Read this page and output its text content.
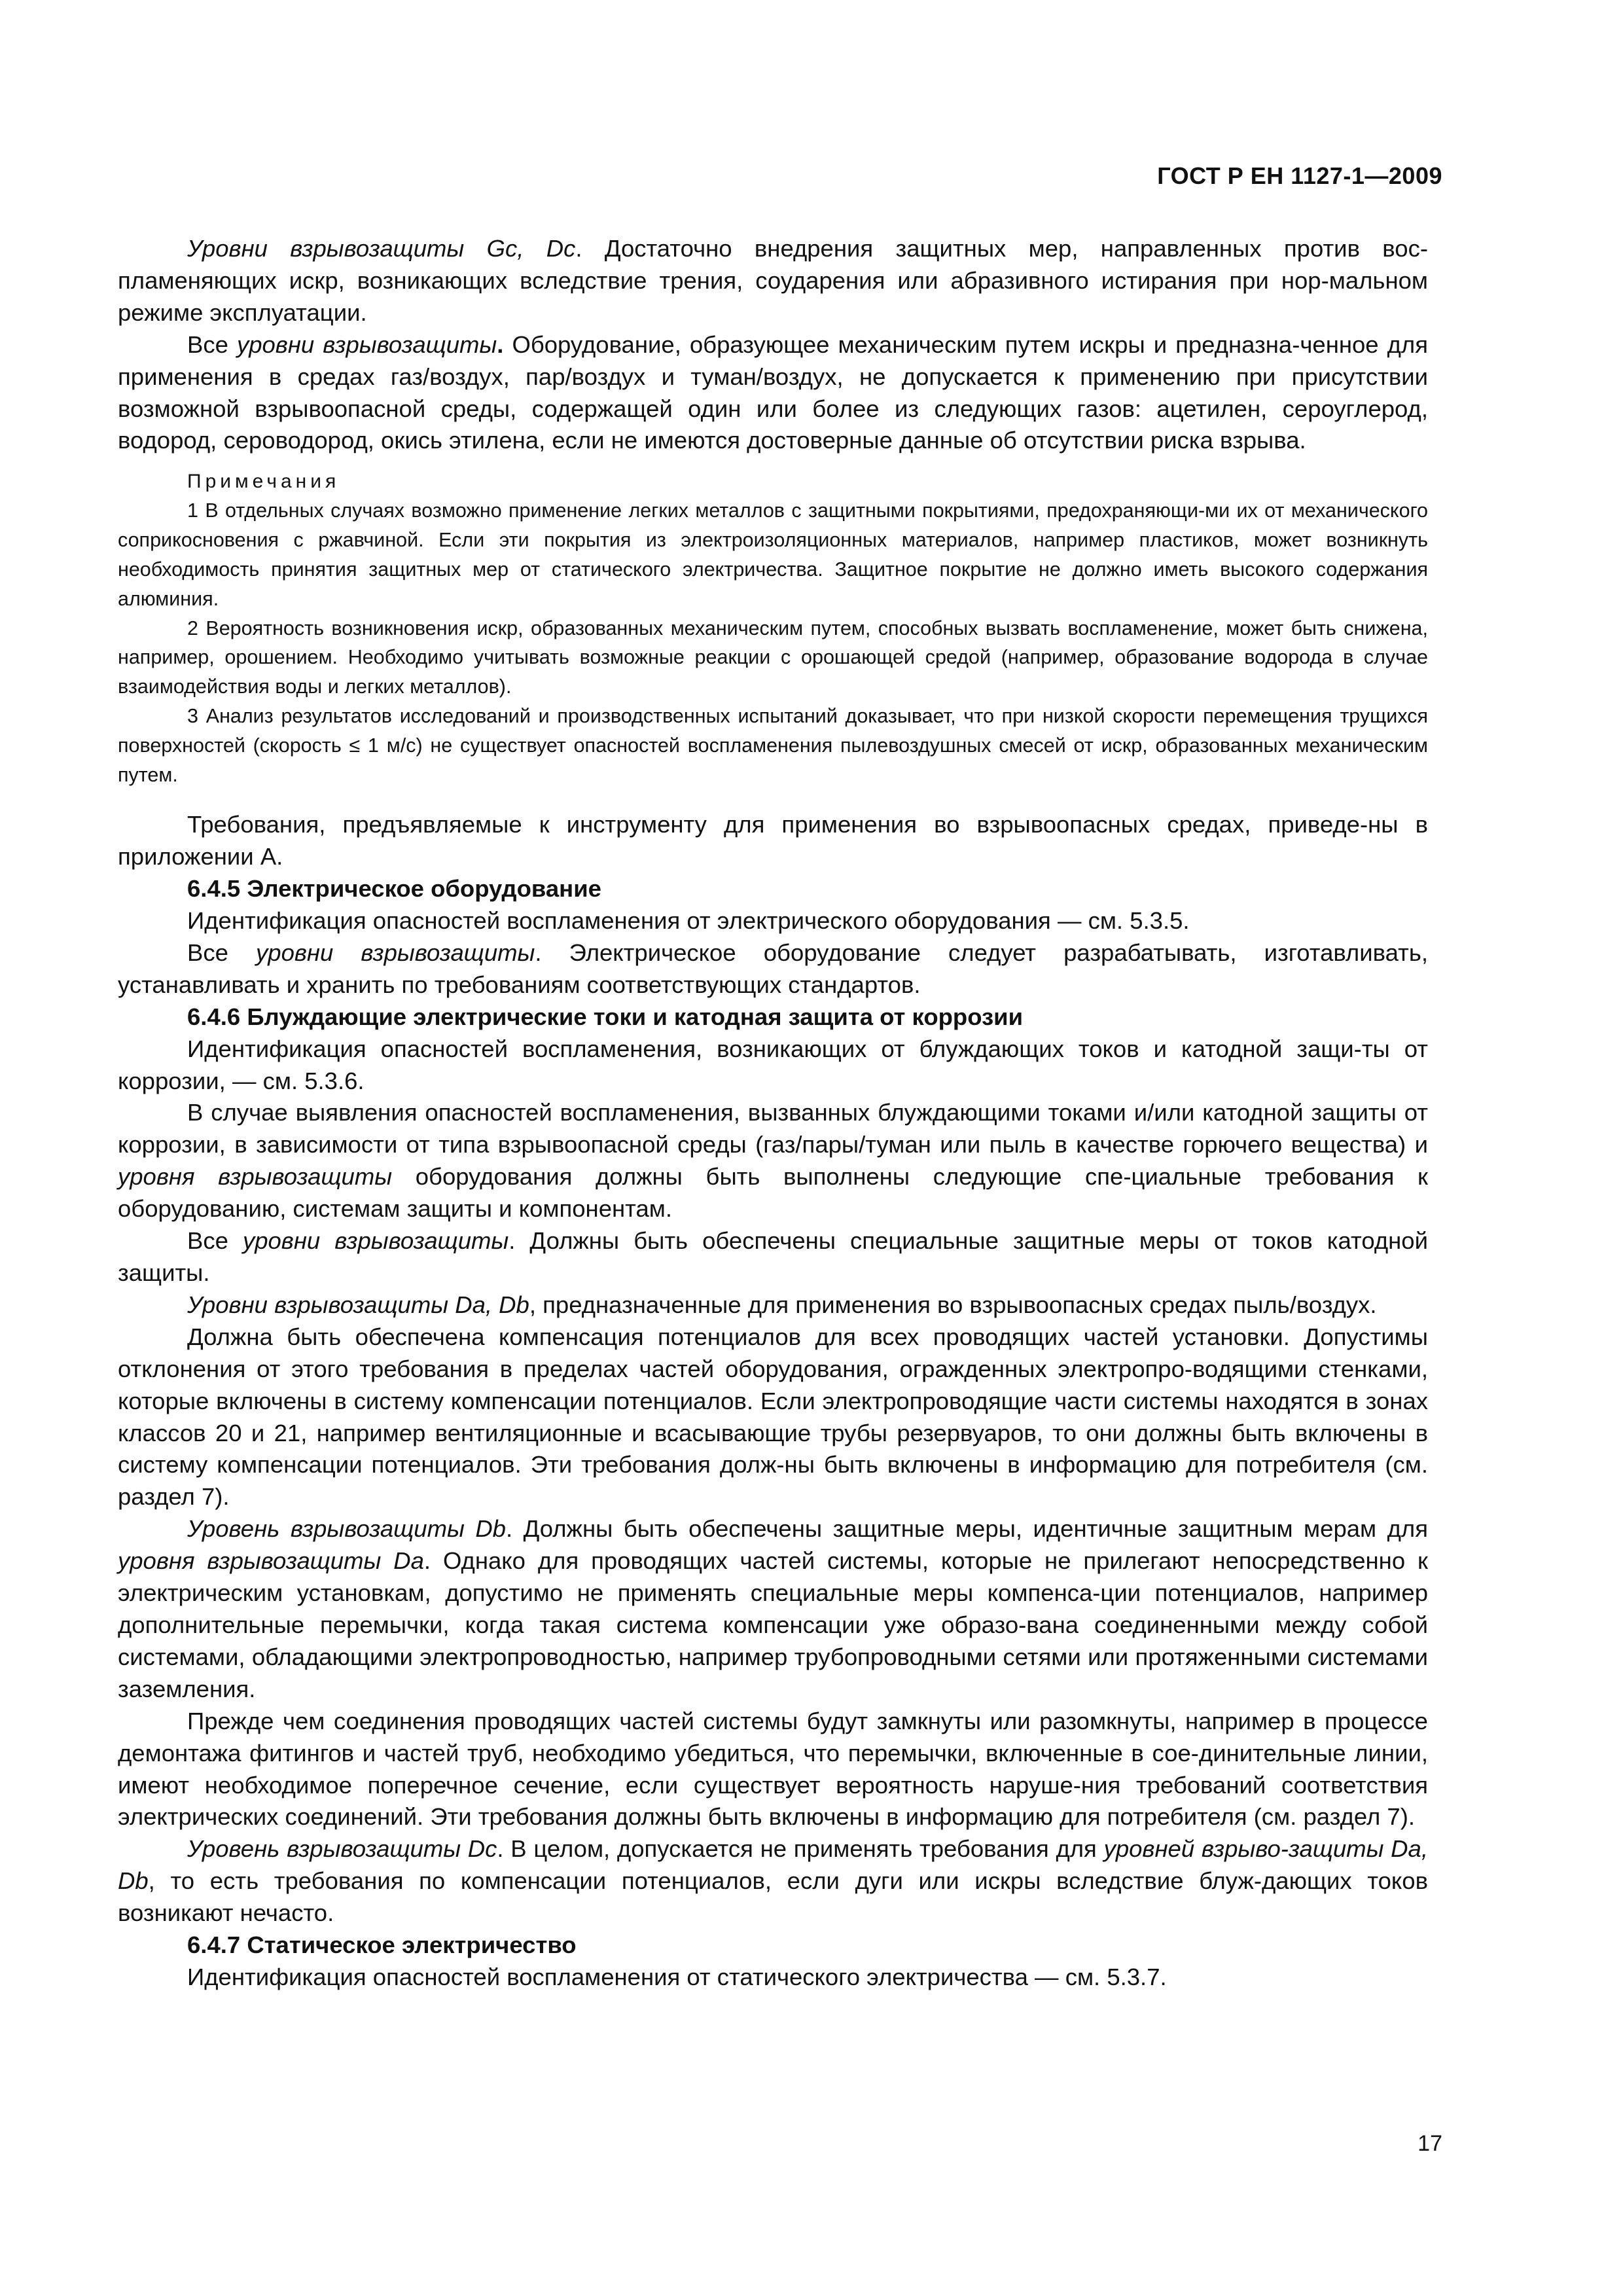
ГОСТ Р ЕН 1127-1—2009

Уровни взрывозащиты Gc, Dc. Достаточно внедрения защитных мер, направленных против вос-пламеняющих искр, возникающих вследствие трения, соударения или абразивного истирания при нор-мальном режиме эксплуатации.

Все уровни взрывозащиты. Оборудование, образующее механическим путем искры и предназна-ченное для применения в средах газ/воздух, пар/воздух и туман/воздух, не допускается к применению при присутствии возможной взрывоопасной среды, содержащей один или более из следующих газов: ацетилен, сероуглерод, водород, сероводород, окись этилена, если не имеются достоверные данные об отсутствии риска взрыва.

Примечания

1 В отдельных случаях возможно применение легких металлов с защитными покрытиями, предохраняющи-ми их от механического соприкосновения с ржавчиной. Если эти покрытия из электроизоляционных материалов, например пластиков, может возникнуть необходимость принятия защитных мер от статического электричества. Защитное покрытие не должно иметь высокого содержания алюминия.

2 Вероятность возникновения искр, образованных механическим путем, способных вызвать воспламенение, может быть снижена, например, орошением. Необходимо учитывать возможные реакции с орошающей средой (например, образование водорода в случае взаимодействия воды и легких металлов).

3 Анализ результатов исследований и производственных испытаний доказывает, что при низкой скорости перемещения трущихся поверхностей (скорость ≤ 1 м/с) не существует опасностей воспламенения пылевоздушных смесей от искр, образованных механическим путем.

Требования, предъявляемые к инструменту для применения во взрывоопасных средах, приведе-ны в приложении А.

6.4.5 Электрическое оборудование

Идентификация опасностей воспламенения от электрического оборудования — см. 5.3.5.

Все уровни взрывозащиты. Электрическое оборудование следует разрабатывать, изготавливать, устанавливать и хранить по требованиям соответствующих стандартов.

6.4.6 Блуждающие электрические токи и катодная защита от коррозии

Идентификация опасностей воспламенения, возникающих от блуждающих токов и катодной защи-ты от коррозии, — см. 5.3.6.

В случае выявления опасностей воспламенения, вызванных блуждающими токами и/или катодной защиты от коррозии, в зависимости от типа взрывоопасной среды (газ/пары/туман или пыль в качестве горючего вещества) и уровня взрывозащиты оборудования должны быть выполнены следующие спе-циальные требования к оборудованию, системам защиты и компонентам.

Все уровни взрывозащиты. Должны быть обеспечены специальные защитные меры от токов катодной защиты.

Уровни взрывозащиты Da, Db, предназначенные для применения во взрывоопасных средах пыль/воздух.

Должна быть обеспечена компенсация потенциалов для всех проводящих частей установки. Допустимы отклонения от этого требования в пределах частей оборудования, огражденных электропро-водящими стенками, которые включены в систему компенсации потенциалов. Если электропроводящие части системы находятся в зонах классов 20 и 21, например вентиляционные и всасывающие трубы резервуаров, то они должны быть включены в систему компенсации потенциалов. Эти требования долж-ны быть включены в информацию для потребителя (см. раздел 7).

Уровень взрывозащиты Db. Должны быть обеспечены защитные меры, идентичные защитным мерам для уровня взрывозащиты Da. Однако для проводящих частей системы, которые не прилегают непосредственно к электрическим установкам, допустимо не применять специальные меры компенса-ции потенциалов, например дополнительные перемычки, когда такая система компенсации уже образо-вана соединенными между собой системами, обладающими электропроводностью, например трубопроводными сетями или протяженными системами заземления.

Прежде чем соединения проводящих частей системы будут замкнуты или разомкнуты, например в процессе демонтажа фитингов и частей труб, необходимо убедиться, что перемычки, включенные в сое-динительные линии, имеют необходимое поперечное сечение, если существует вероятность наруше-ния требований соответствия электрических соединений. Эти требования должны быть включены в информацию для потребителя (см. раздел 7).

Уровень взрывозащиты Dc. В целом, допускается не применять требования для уровней взрыво-защиты Da, Db, то есть требования по компенсации потенциалов, если дуги или искры вследствие блуж-дающих токов возникают нечасто.

6.4.7 Статическое электричество

Идентификация опасностей воспламенения от статического электричества — см. 5.3.7.

17
